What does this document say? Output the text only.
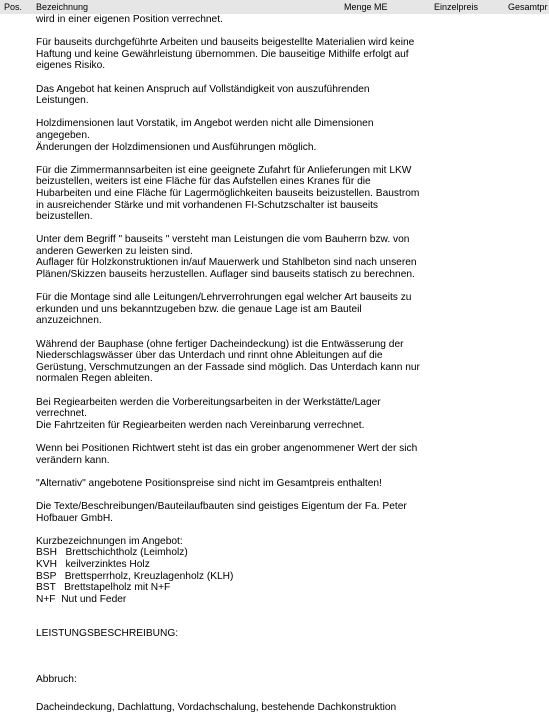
Pos. Bezeichnung	Menge ME	Einzelpreis	Gesamtpr

wird in einer eigenen Position verrechnet.

Für bauseits durchgeführte Arbeiten und bauseits beigestellte Materialien wird keine
Haftung und keine Gewährleistung übernommen. Die bauseitige Mithilfe erfolgt auf
eigenes Risiko.

Das Angebot hat keinen Anspruch auf Vollständigkeit von auszuführenden
Leistungen.

Holzdimensionen laut Vorstatik, im Angebot werden nicht alle Dimensionen
angegeben.
Änderungen der Holzdimensionen und Ausführungen möglich.

Für die Zimmermannsarbeiten ist eine geeignete Zufahrt für Anlieferungen mit LKW
beizustellen, weiters ist eine Fläche für das Aufstellen eines Kranes für die
Hubarbeiten und eine Fläche für Lagermöglichkeiten bauseits beizustellen. Baustrom
in ausreichender Stärke und mit vorhandenen FI-Schutzschalter ist bauseits
beizustellen.

Unter dem Begriff " bauseits " versteht man Leistungen die vom Bauherrn bzw. von
anderen Gewerken zu leisten sind.
Auflager für Holzkonstruktionen in/auf Mauerwerk und Stahlbeton sind nach unseren
Plänen/Skizzen bauseits herzustellen. Auflager sind bauseits statisch zu berechnen.

Für die Montage sind alle Leitungen/Lehrverrohrungen egal welcher Art bauseits zu
erkunden und uns bekanntzugeben bzw. die genaue Lage ist am Bauteil
anzuzeichnen.

Während der Bauphase (ohne fertiger Dacheindeckung) ist die Entwässerung der
Niederschlagswässer über das Unterdach und rinnt ohne Ableitungen auf die
Gerüstung, Verschmutzungen an der Fassade sind möglich. Das Unterdach kann nur
normalen Regen ableiten.

Bei Regiearbeiten werden die Vorbereitungsarbeiten in der Werkstätte/Lager
verrechnet.
Die Fahrtzeiten für Regiearbeiten werden nach Vereinbarung verrechnet.

Wenn bei Positionen Richtwert steht ist das ein grober angenommener Wert der sich
verändern kann.

"Alternativ" angebotene Positionspreise sind nicht im Gesamtpreis enthalten!

Die Texte/Beschreibungen/Bauteilaufbauten sind geistiges Eigentum der Fa. Peter
Hofbauer GmbH.

Kurzbezeichnungen im Angebot:
BSH   Brettschichtholz (Leimholz)
KVH   keilverzinktes Holz
BSP   Brettsperrholz, Kreuzlagenholz (KLH)
BST   Brettstapelholz mit N+F
N+F  Nut und Feder
LEISTUNGSBESCHREIBUNG:
Abbruch:
Dacheindeckung, Dachlattung, Vordachschalung, bestehende Dachkonstruktion
